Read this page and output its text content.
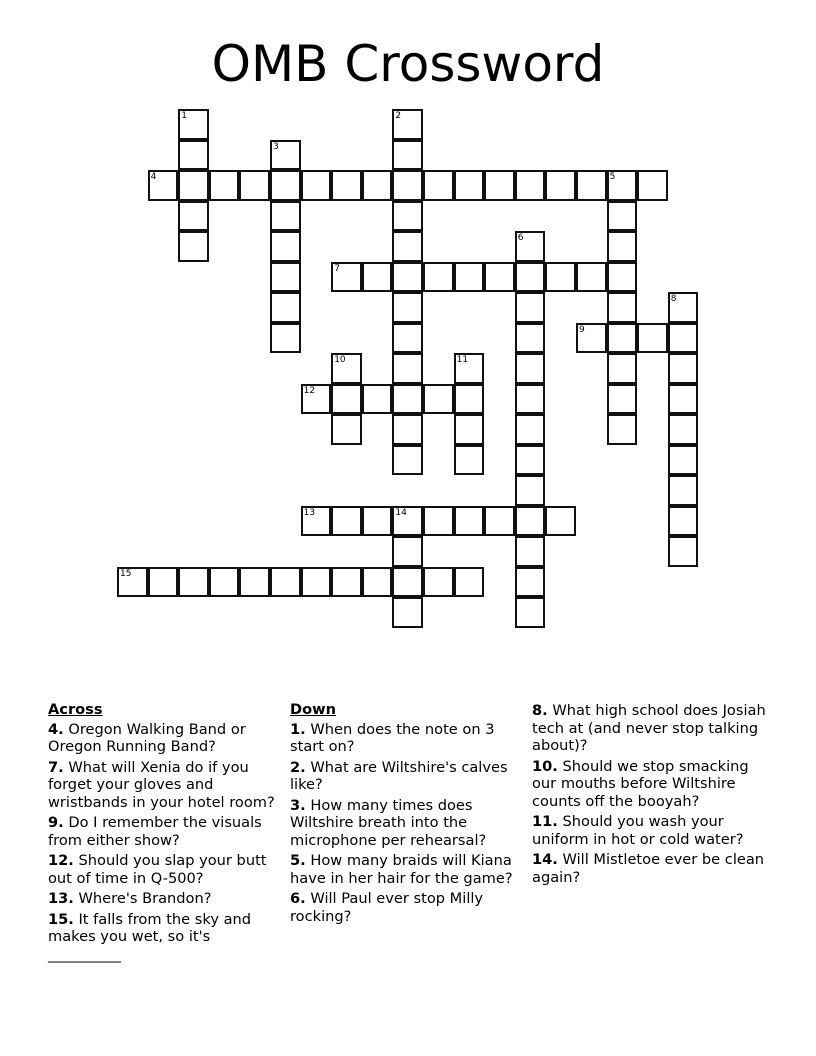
OMB Crossword
1	2
3
4	5
6
7
8
9
10	11
12
13	14
15
Across
4. Oregon Walking Band or Oregon Running Band?
7. What will Xenia do if you forget your gloves and wristbands in your hotel room?
9. Do I remember the visuals from either show?
12. Should you slap your butt out of time in Q-500?
13. Where's Brandon?
15. It falls from the sky and makes you wet, so it's __________
Down
1. When does the note on 3 start on?
2. What are Wiltshire's calves like?
3. How many times does Wiltshire breath into the microphone per rehearsal?
5. How many braids will Kiana have in her hair for the game?
6. Will Paul ever stop Milly rocking?
8. What high school does Josiah tech at (and never stop talking about)?
10. Should we stop smacking our mouths before Wiltshire counts off the booyah?
11. Should you wash your uniform in hot or cold water?
14. Will Mistletoe ever be clean again?
